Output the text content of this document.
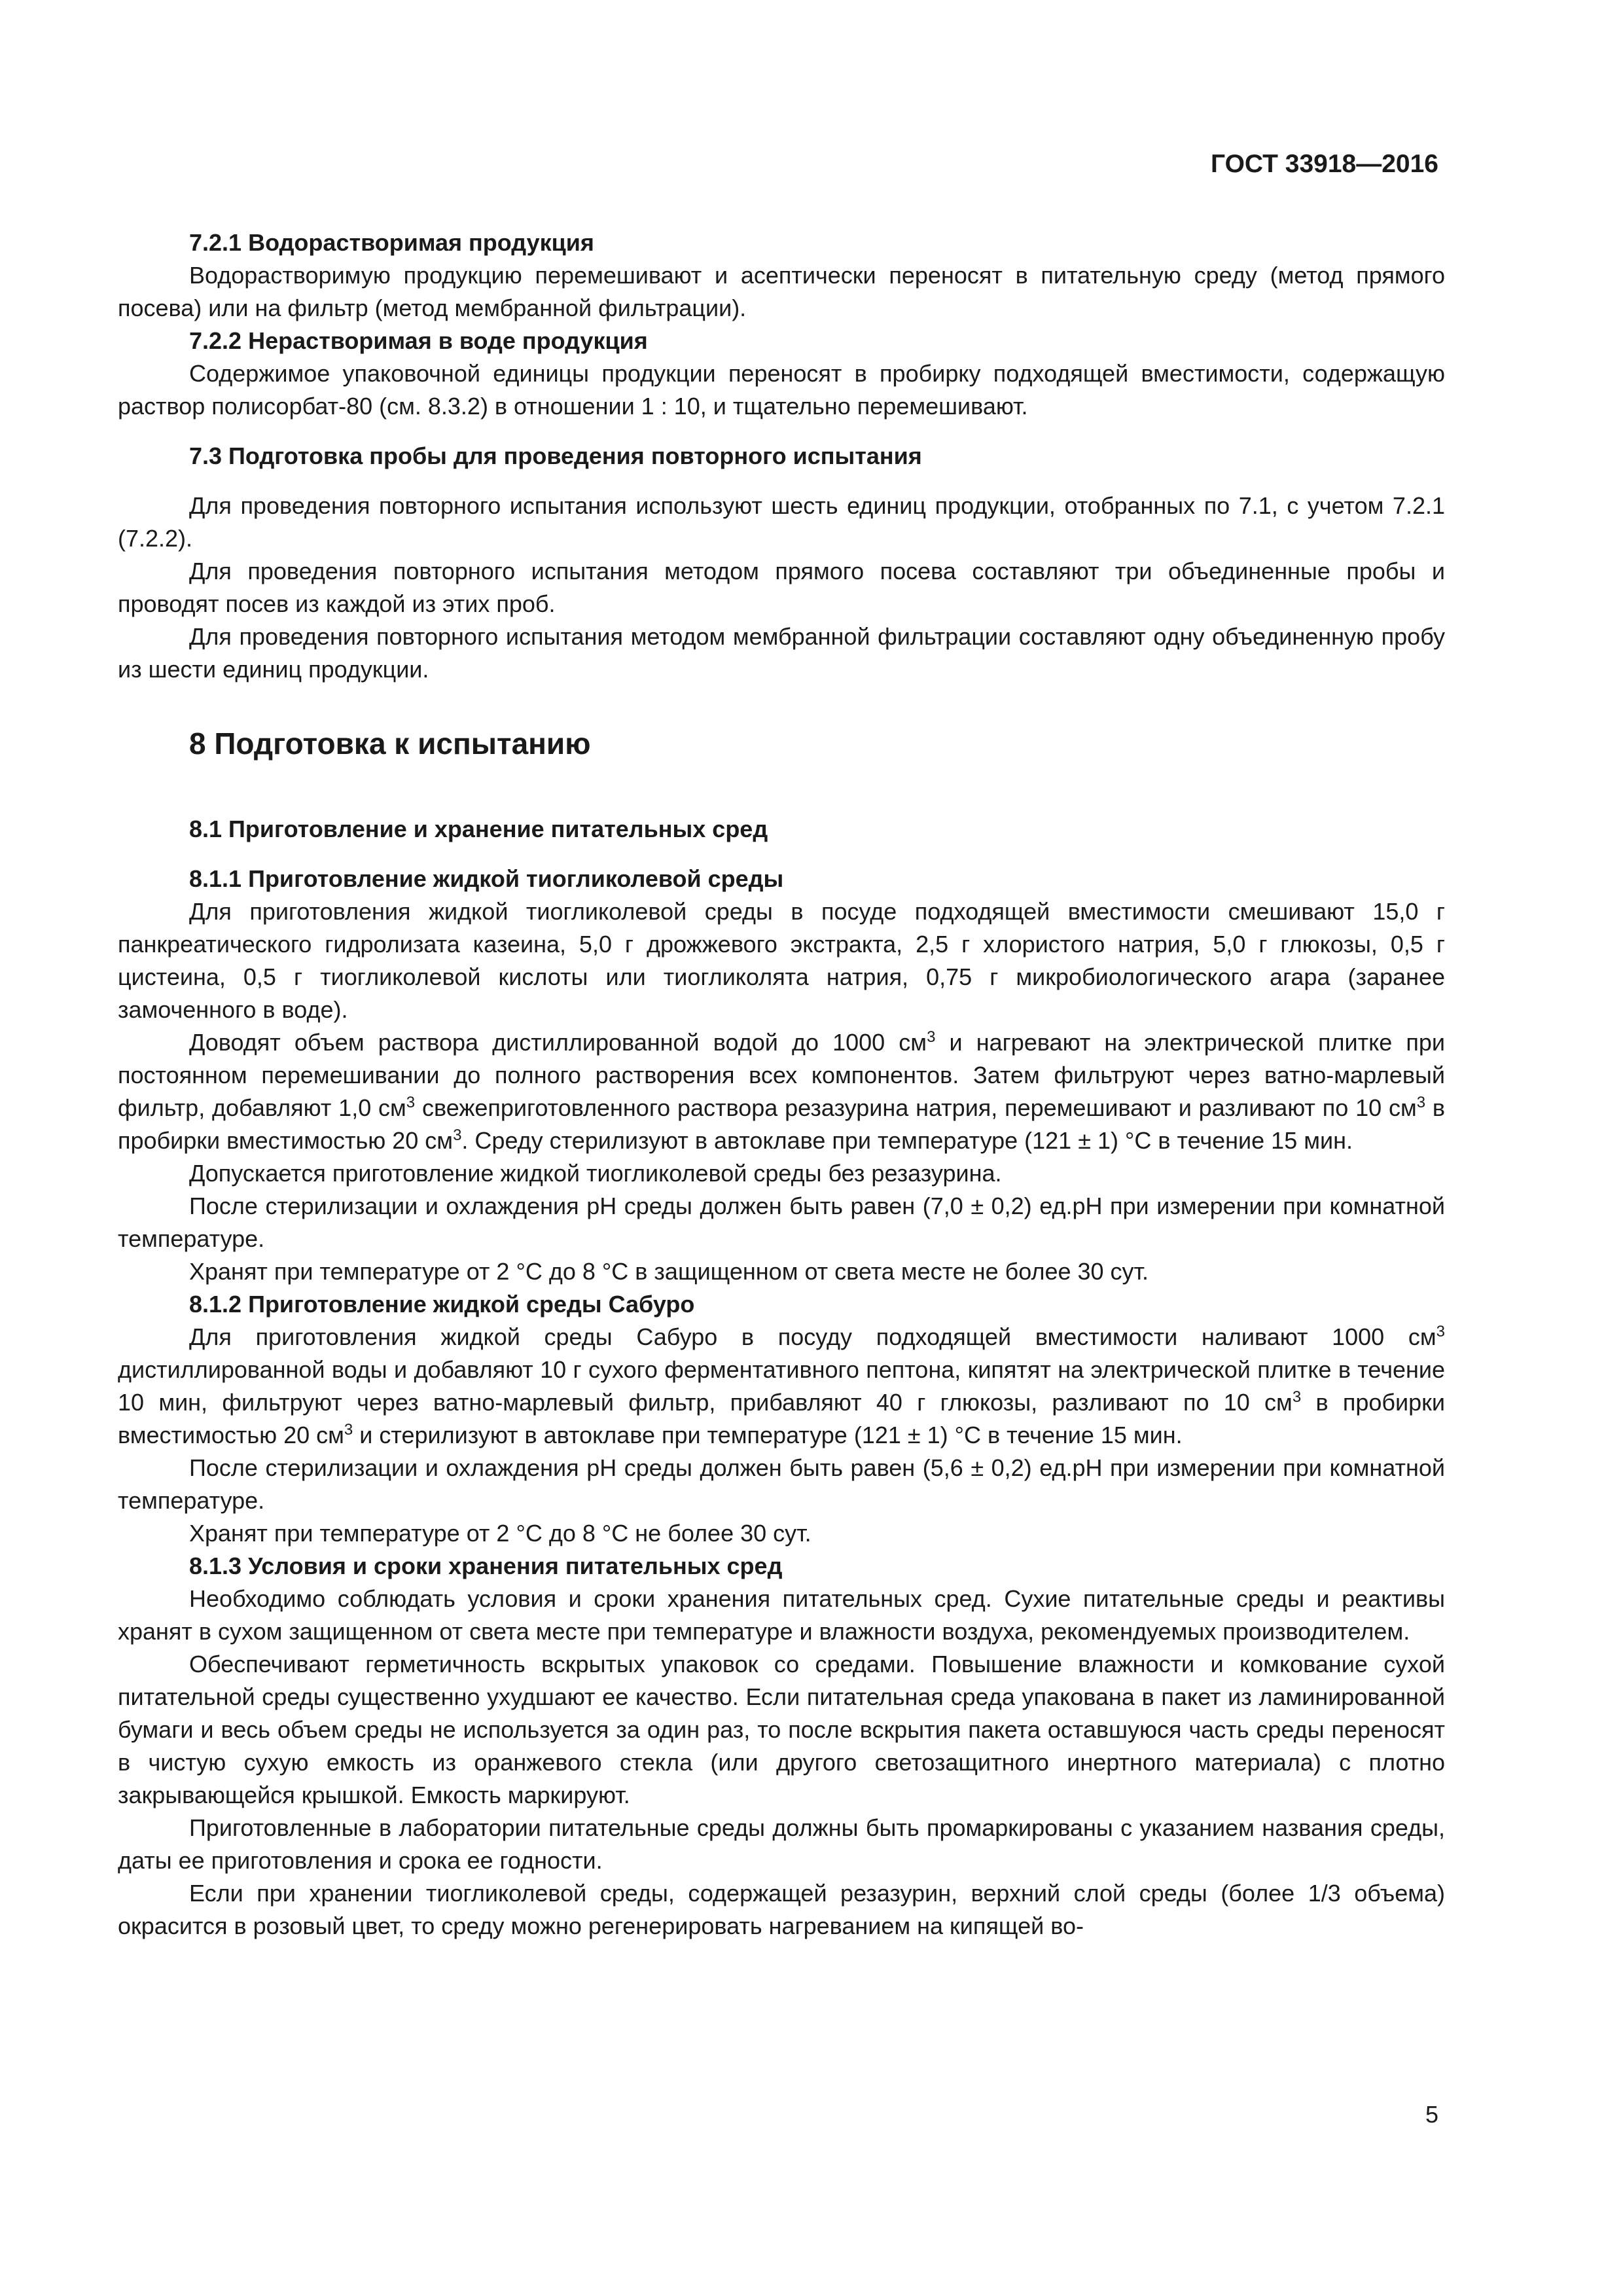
ГОСТ 33918—2016
7.2.1 Водорастворимая продукция

Водорастворимую продукцию перемешивают и асептически переносят в питательную среду (метод прямого посева) или на фильтр (метод мембранной фильтрации).

7.2.2 Нерастворимая в воде продукция

Содержимое упаковочной единицы продукции переносят в пробирку подходящей вместимости, содержащую раствор полисорбат-80 (см. 8.3.2) в отношении 1 : 10, и тщательно перемешивают.

7.3 Подготовка пробы для проведения повторного испытания

Для проведения повторного испытания используют шесть единиц продукции, отобранных по 7.1, с учетом 7.2.1 (7.2.2).

Для проведения повторного испытания методом прямого посева составляют три объединенные пробы и проводят посев из каждой из этих проб.

Для проведения повторного испытания методом мембранной фильтрации составляют одну объединенную пробу из шести единиц продукции.

8 Подготовка к испытанию
8.1 Приготовление и хранение питательных сред
8.1.1 Приготовление жидкой тиогликолевой среды

Для приготовления жидкой тиогликолевой среды в посуде подходящей вместимости смешивают 15,0 г панкреатического гидролизата казеина, 5,0 г дрожжевого экстракта, 2,5 г хлористого натрия, 5,0 г глюкозы, 0,5 г цистеина, 0,5 г тиогликолевой кислоты или тиогликолята натрия, 0,75 г микробиологического агара (заранее замоченного в воде).

Доводят объем раствора дистиллированной водой до 1000 $см^3$ и нагревают на электрической плитке при постоянном перемешивании до полного растворения всех компонентов. Затем фильтруют через ватно-марлевый фильтр, добавляют 1,0 $см^3$ свежеприготовленного раствора резазурина натрия, перемешивают и разливают по 10 $см^3$ в пробирки вместимостью 20 $см^3$. Среду стерилизуют в автоклаве при температуре (121 ± 1) °С в течение 15 мин.

Допускается приготовление жидкой тиогликолевой среды без резазурина.

После стерилизации и охлаждения рН среды должен быть равен (7,0 ± 0,2) ед.рН при измерении при комнатной температуре.

Хранят при температуре от 2 °С до 8 °С в защищенном от света месте не более 30 сут.

8.1.2 Приготовление жидкой среды Сабуро

Для приготовления жидкой среды Сабуро в посуду подходящей вместимости наливают 1000 $см^3$ дистиллированной воды и добавляют 10 г сухого ферментативного пептона, кипятят на электрической плитке в течение 10 мин, фильтруют через ватно-марлевый фильтр, прибавляют 40 г глюкозы, разливают по 10 $см^3$ в пробирки вместимостью 20 $см^3$ и стерилизуют в автоклаве при температуре (121 ± 1) °С в течение 15 мин.

После стерилизации и охлаждения рН среды должен быть равен (5,6 ± 0,2) ед.рН при измерении при комнатной температуре.

Хранят при температуре от 2 °С до 8 °С не более 30 сут.

8.1.3 Условия и сроки хранения питательных сред

Необходимо соблюдать условия и сроки хранения питательных сред. Сухие питательные среды и реактивы хранят в сухом защищенном от света месте при температуре и влажности воздуха, рекомендуемых производителем.

Обеспечивают герметичность вскрытых упаковок со средами. Повышение влажности и комкование сухой питательной среды существенно ухудшают ее качество. Если питательная среда упакована в пакет из ламинированной бумаги и весь объем среды не используется за один раз, то после вскрытия пакета оставшуюся часть среды переносят в чистую сухую емкость из оранжевого стекла (или другого светозащитного инертного материала) с плотно закрывающейся крышкой. Емкость маркируют.

Приготовленные в лаборатории питательные среды должны быть промаркированы с указанием названия среды, даты ее приготовления и срока ее годности.

Если при хранении тиогликолевой среды, содержащей резазурин, верхний слой среды (более 1/3 объема) окрасится в розовый цвет, то среду можно регенерировать нагреванием на кипящей во-

5
